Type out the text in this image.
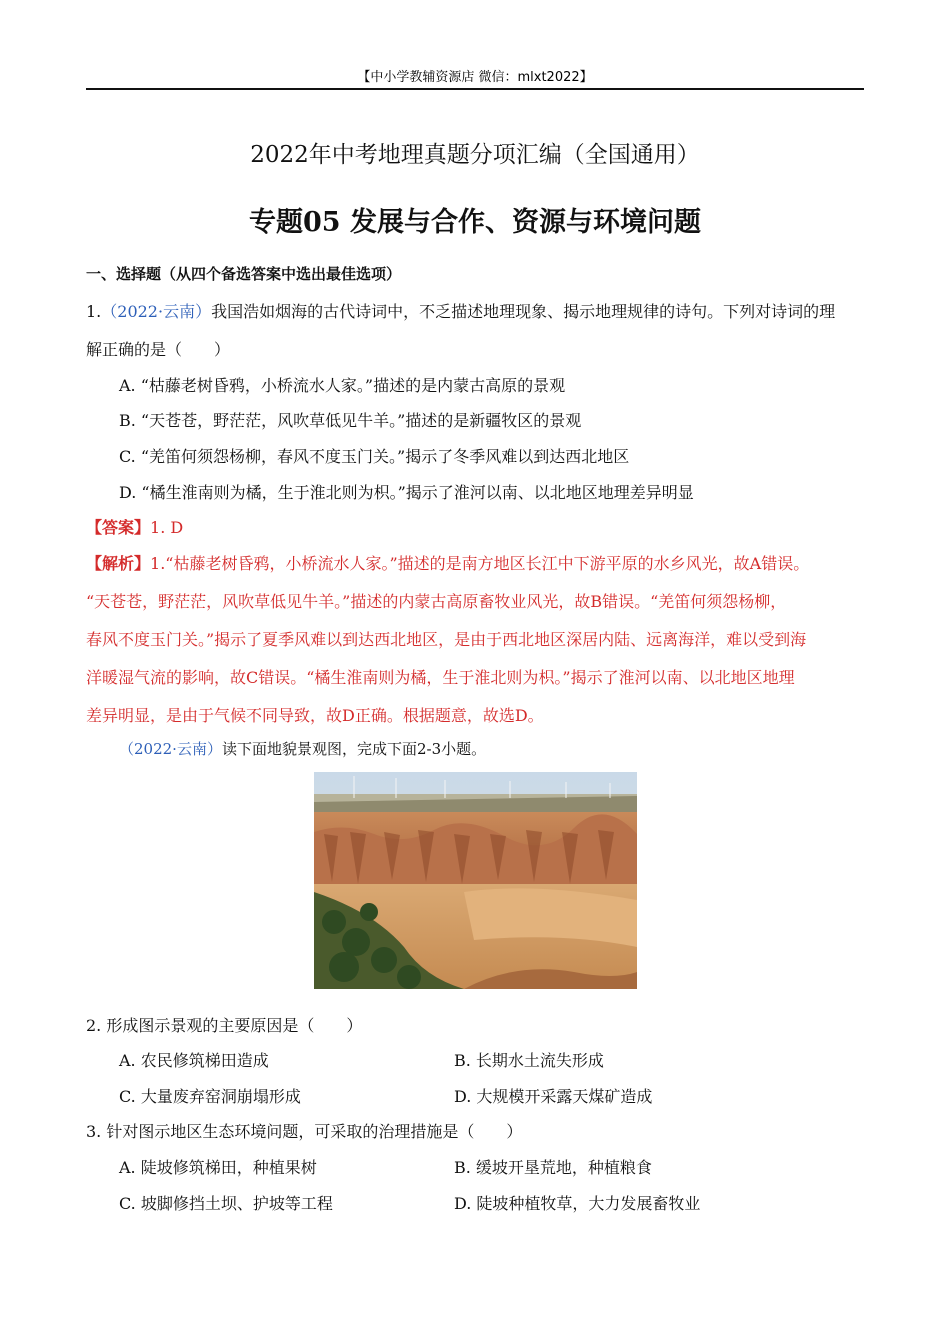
【中小学教辅资源店 微信：mlxt2022】
2022年中考地理真题分项汇编（全国通用）
专题05 发展与合作、资源与环境问题
一、选择题（从四个备选答案中选出最佳选项）
1.（2022·云南）我国浩如烟海的古代诗词中，不乏描述地理现象、揭示地理规律的诗句。下列对诗词的理
解正确的是（　　）
A. “枯藤老树昏鸦，小桥流水人家。”描述的是内蒙古高原的景观
B. “天苍苍，野茫茫，风吹草低见牛羊。”描述的是新疆牧区的景观
C. “羌笛何须怨杨柳，春风不度玉门关。”揭示了冬季风难以到达西北地区
D. “橘生淮南则为橘，生于淮北则为枳。”揭示了淮河以南、以北地区地理差异明显
【答案】1. D
【解析】1.“枯藤老树昏鸦，小桥流水人家。”描述的是南方地区长江中下游平原的水乡风光，故A错误。
“天苍苍，野茫茫，风吹草低见牛羊。”描述的内蒙古高原畜牧业风光，故B错误。“羌笛何须怨杨柳，
春风不度玉门关。”揭示了夏季风难以到达西北地区，是由于西北地区深居内陆、远离海洋，难以受到海
洋暖湿气流的影响，故C错误。“橘生淮南则为橘，生于淮北则为枳。”揭示了淮河以南、以北地区地理
差异明显，是由于气候不同导致，故D正确。根据题意，故选D。
（2022·云南）读下面地貌景观图，完成下面2-3小题。
2. 形成图示景观的主要原因是（　　）
A. 农民修筑梯田造成	B. 长期水土流失形成
C. 大量废弃窑洞崩塌形成	D. 大规模开采露天煤矿造成
3. 针对图示地区生态环境问题，可采取的治理措施是（　　）
A. 陡坡修筑梯田，种植果树	B. 缓坡开垦荒地，种植粮食
C. 坡脚修挡土坝、护坡等工程	D. 陡坡种植牧草，大力发展畜牧业
